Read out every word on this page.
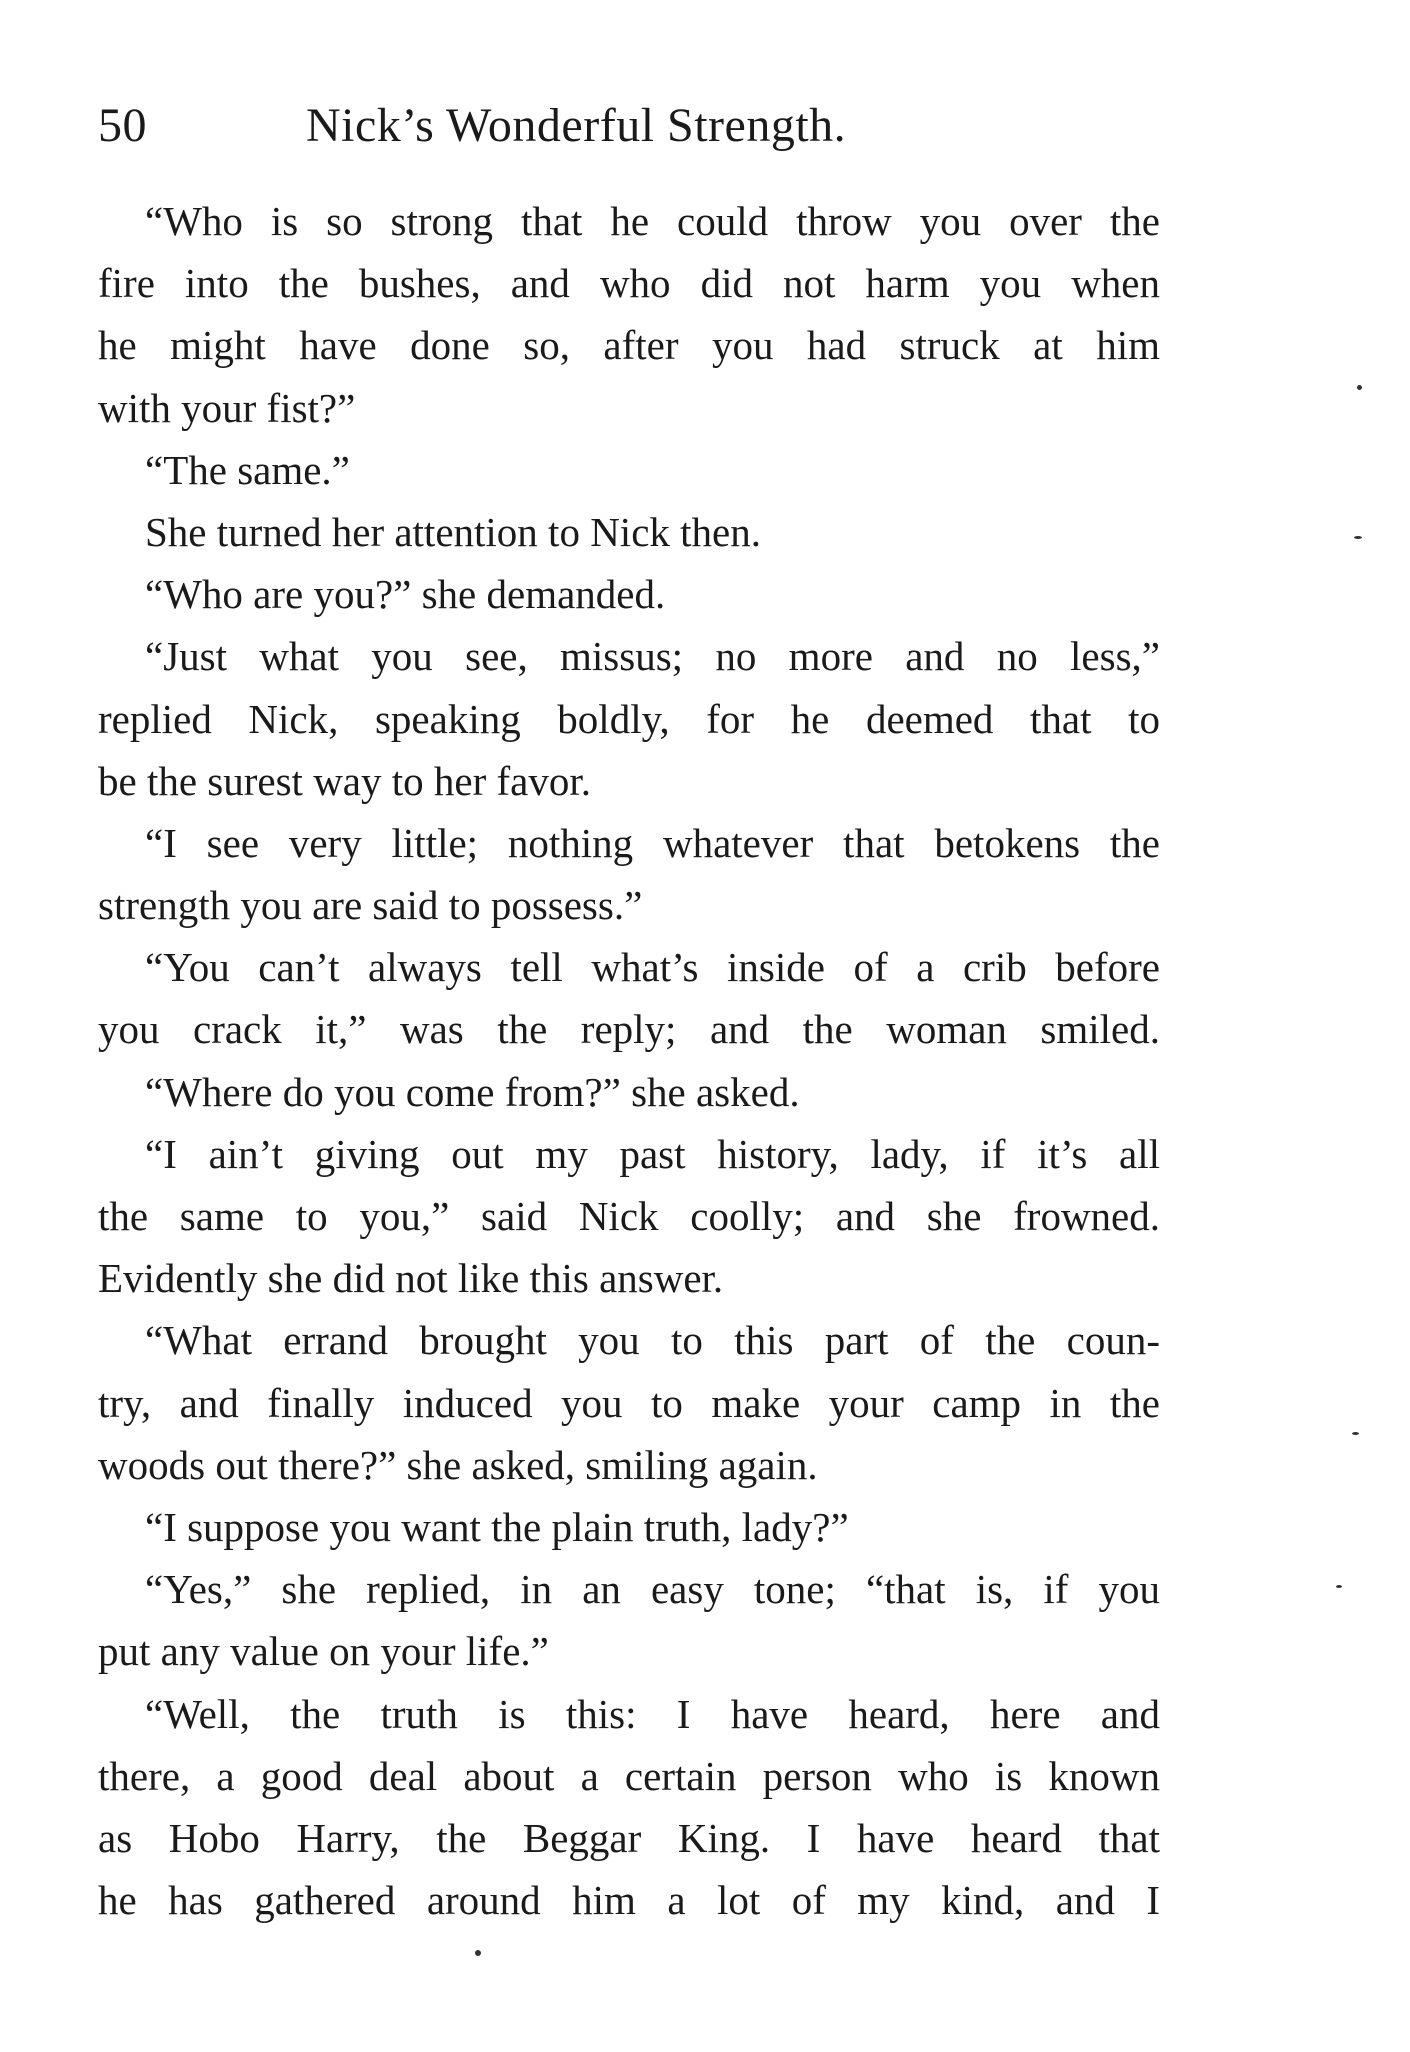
50	Nick’s Wonderful Strength.
“Who is so strong that he could throw you over the
fire into the bushes, and who did not harm you when
he might have done so, after you had struck at him
with your fist?”
“The same.”
She turned her attention to Nick then.
“Who are you?” she demanded.
“Just what you see, missus; no more and no less,”
replied Nick, speaking boldly, for he deemed that to
be the surest way to her favor.
“I see very little; nothing whatever that betokens the
strength you are said to possess.”
“You can’t always tell what’s inside of a crib before
you crack it,” was the reply; and the woman smiled.
“Where do you come from?” she asked.
“I ain’t giving out my past history, lady, if it’s all
the same to you,” said Nick coolly; and she frowned.
Evidently she did not like this answer.
“What errand brought you to this part of the coun-
try, and finally induced you to make your camp in the
woods out there?” she asked, smiling again.
“I suppose you want the plain truth, lady?”
“Yes,” she replied, in an easy tone; “that is, if you
put any value on your life.”
“Well, the truth is this: I have heard, here and
there, a good deal about a certain person who is known
as Hobo Harry, the Beggar King. I have heard that
he has gathered around him a lot of my kind, and I
